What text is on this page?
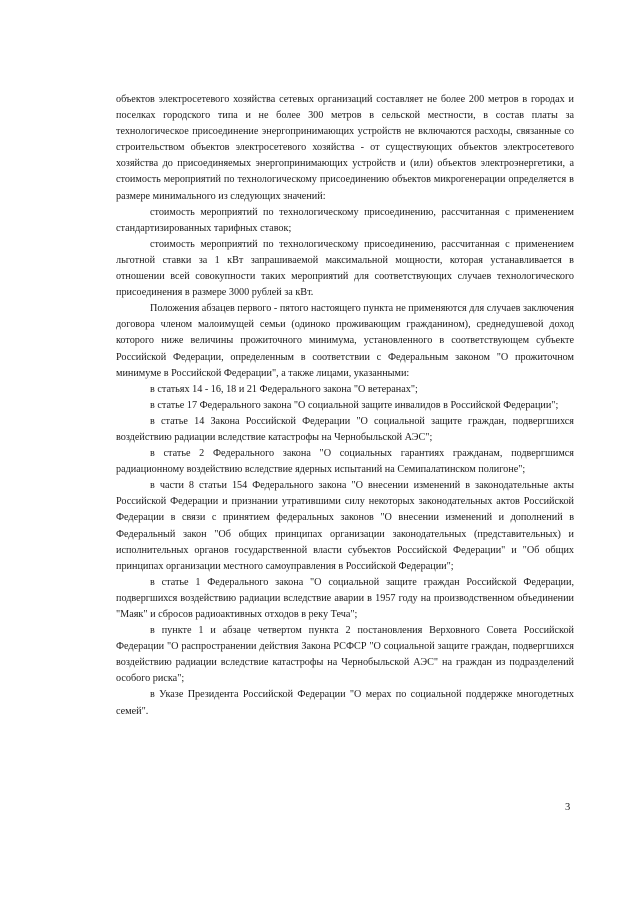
объектов электросетевого хозяйства сетевых организаций составляет не более 200 метров в городах и поселках городского типа и не более 300 метров в сельской местности, в состав платы за технологическое присоединение энергопринимающих устройств не включаются расходы, связанные со строительством объектов электросетевого хозяйства - от существующих объектов электросетевого хозяйства до присоединяемых энергопринимающих устройств и (или) объектов электроэнергетики, а стоимость мероприятий по технологическому присоединению объектов микрогенерации определяется в размере минимального из следующих значений:

стоимость мероприятий по технологическому присоединению, рассчитанная с применением стандартизированных тарифных ставок;

стоимость мероприятий по технологическому присоединению, рассчитанная с применением льготной ставки за 1 кВт запрашиваемой максимальной мощности, которая устанавливается в отношении всей совокупности таких мероприятий для соответствующих случаев технологического присоединения в размере 3000 рублей за кВт.

Положения абзацев первого - пятого настоящего пункта не применяются для случаев заключения договора членом малоимущей семьи (одиноко проживающим гражданином), среднедушевой доход которого ниже величины прожиточного минимума, установленного в соответствующем субъекте Российской Федерации, определенным в соответствии с Федеральным законом "О прожиточном минимуме в Российской Федерации", а также лицами, указанными:

в статьях 14 - 16, 18 и 21 Федерального закона "О ветеранах";

в статье 17 Федерального закона "О социальной защите инвалидов в Российской Федерации";

в статье 14 Закона Российской Федерации "О социальной защите граждан, подвергшихся воздействию радиации вследствие катастрофы на Чернобыльской АЭС";

в статье 2 Федерального закона "О социальных гарантиях гражданам, подвергшимся радиационному воздействию вследствие ядерных испытаний на Семипалатинском полигоне";

в части 8 статьи 154 Федерального закона "О внесении изменений в законодательные акты Российской Федерации и признании утратившими силу некоторых законодательных актов Российской Федерации в связи с принятием федеральных законов "О внесении изменений и дополнений в Федеральный закон "Об общих принципах организации законодательных (представительных) и исполнительных органов государственной власти субъектов Российской Федерации" и "Об общих принципах организации местного самоуправления в Российской Федерации";

в статье 1 Федерального закона "О социальной защите граждан Российской Федерации, подвергшихся воздействию радиации вследствие аварии в 1957 году на производственном объединении "Маяк" и сбросов радиоактивных отходов в реку Теча";

в пункте 1 и абзаце четвертом пункта 2 постановления Верховного Совета Российской Федерации "О распространении действия Закона РСФСР "О социальной защите граждан, подвергшихся воздействию радиации вследствие катастрофы на Чернобыльской АЭС" на граждан из подразделений особого риска";

в Указе Президента Российской Федерации "О мерах по социальной поддержке многодетных семей".

3
